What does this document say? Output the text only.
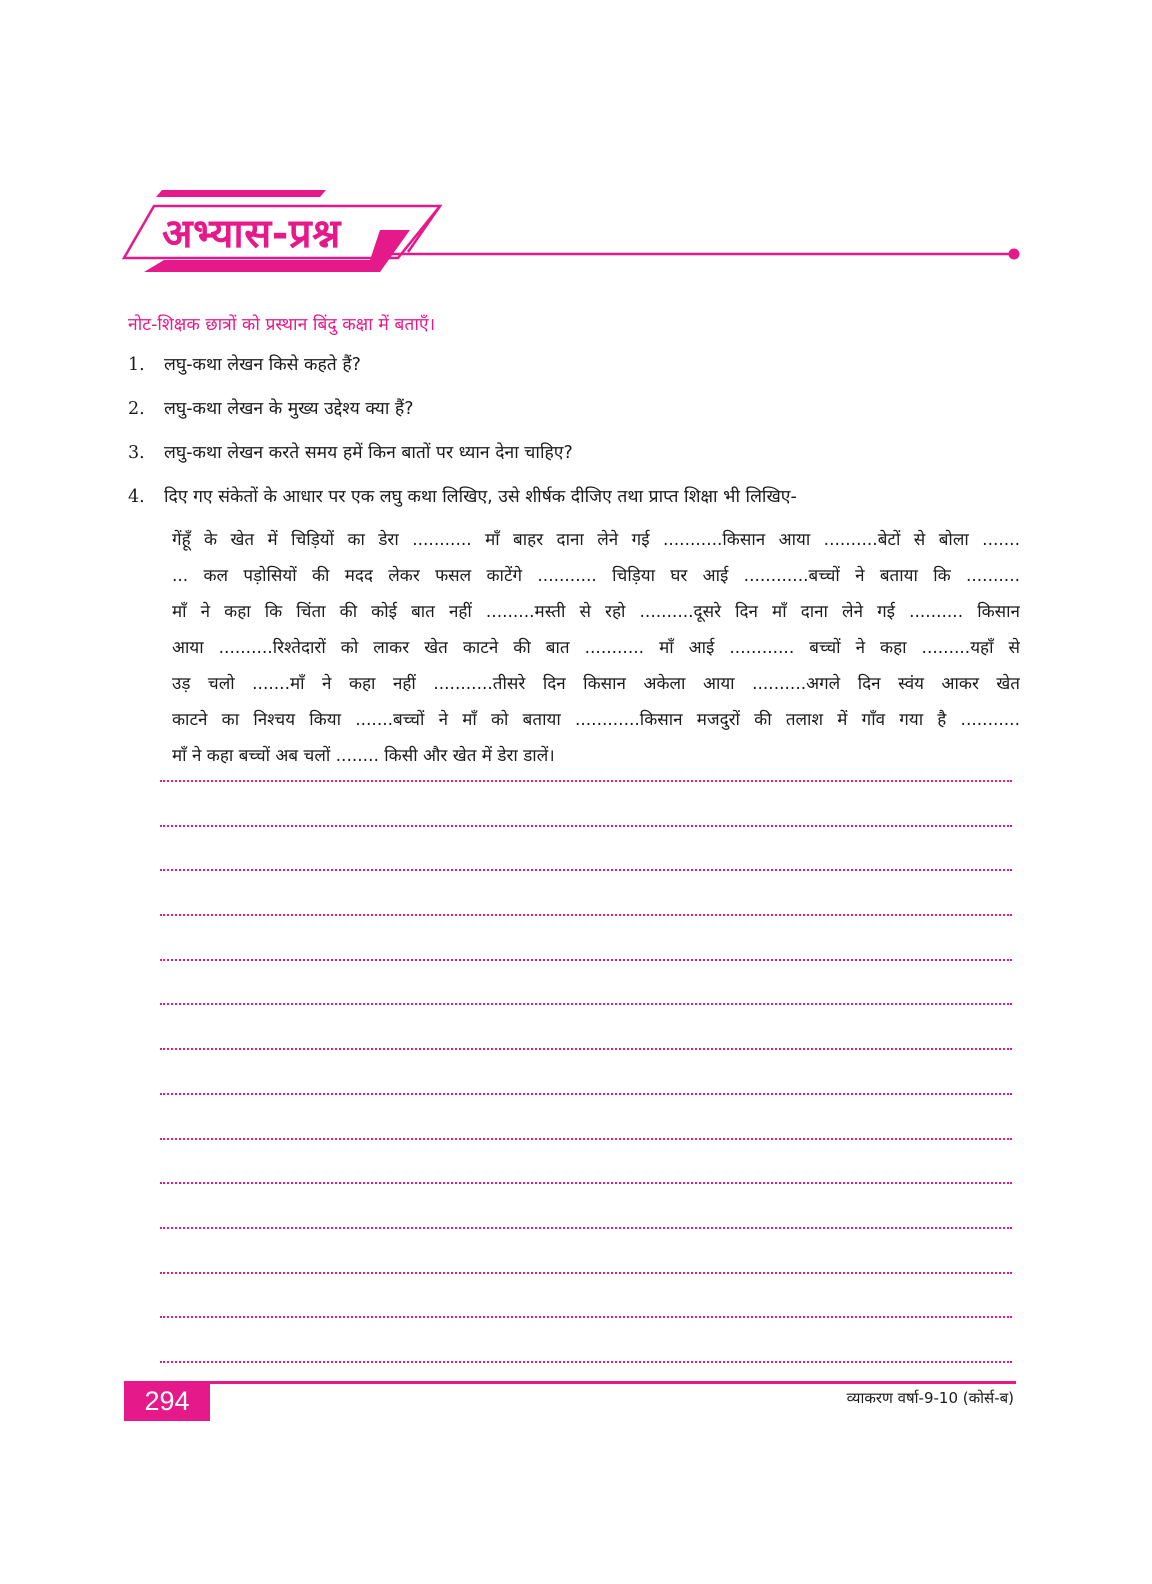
अभ्यास-प्रश्न
नोट-शिक्षक छात्रों को प्रस्थान बिंदु कक्षा में बताएँ।
1. लघु-कथा लेखन किसे कहते हैं?
2. लघु-कथा लेखन के मुख्य उद्देश्य क्या हैं?
3. लघु-कथा लेखन करते समय हमें किन बातों पर ध्यान देना चाहिए?
4. दिए गए संकेतों के आधार पर एक लघु कथा लिखिए, उसे शीर्षक दीजिए तथा प्राप्त शिक्षा भी लिखिए-
गेंहूँ के खेत में चिड़ियों का डेरा ........... माँ बाहर दाना लेने गई ...........किसान आया ..........बेटों से बोला .......
... कल पड़ोसियों की मदद लेकर फसल काटेंगे ........... चिड़िया घर आई ............बच्चों ने बताया कि ..........
माँ ने कहा कि चिंता की कोई बात नहीं .........मस्ती से रहो ..........दूसरे दिन माँ दाना लेने गई .......... किसान
आया ..........रिश्तेदारों को लाकर खेत काटने की बात ........... माँ आई ............ बच्चों ने कहा .........यहाँ से
उड़ चलो .......माँ ने कहा नहीं ...........तीसरे दिन किसान अकेला आया ..........अगले दिन स्वंय आकर खेत
काटने का निश्चय किया .......बच्चों ने माँ को बताया ............किसान मजदुरों की तलाश में गाँव गया है ...........
माँ ने कहा बच्चों अब चलों ........ किसी और खेत में डेरा डालें।
294	व्याकरण वर्षा-9-10 (कोर्स-ब)
